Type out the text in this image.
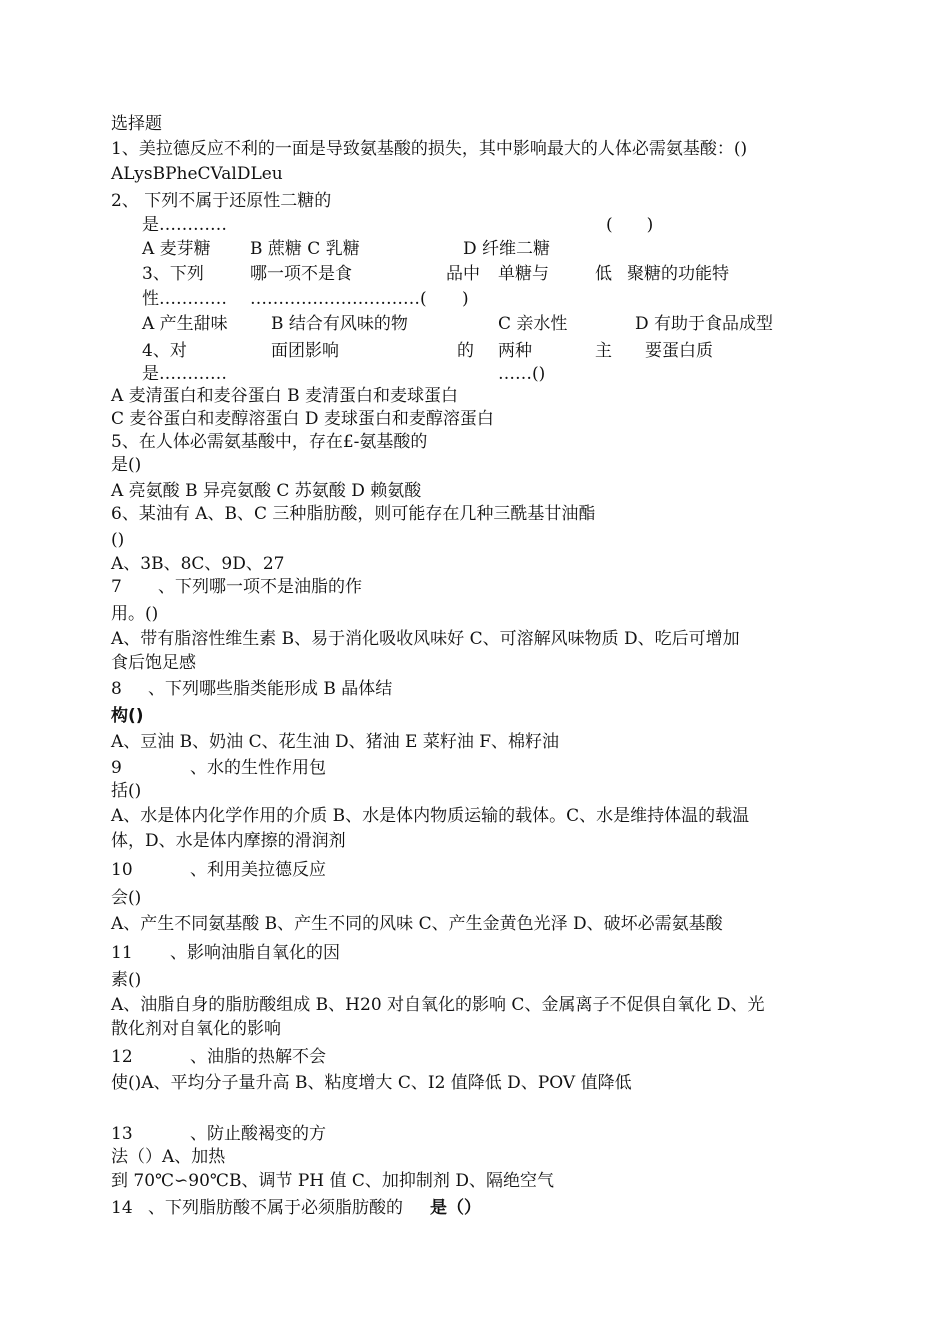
选择题
1、美拉德反应不利的一面是导致氨基酸的损失，其中影响最大的人体必需氨基酸：()
ALysBPheCValDLeu
2、 下列不属于还原性二糖的
是…………	(　　)
A 麦芽糖 B 蔗糖 C 乳糖	D 纤维二糖
3、下列	哪一项不是食	品中 单糖与	低 聚糖的功能特
性………… …………………………( )
A 产生甜味	B 结合有风味的物	C 亲水性	D 有助于食品成型
4、对	面团影响	的 两种	主 要蛋白质
是…………	……()
A 麦清蛋白和麦谷蛋白 B 麦清蛋白和麦球蛋白
C 麦谷蛋白和麦醇溶蛋白 D 麦球蛋白和麦醇溶蛋白
5、在人体必需氨基酸中，存在£-氨基酸的
是()
A 亮氨酸 B 异亮氨酸 C 苏氨酸 D 赖氨酸
6、某油有 A、B、C 三种脂肪酸，则可能存在几种三酰基甘油酯
()
A、3B、8C、9D、27
7 、下列哪一项不是油脂的作
用。()
A、带有脂溶性维生素 B、易于消化吸收风味好 C、可溶解风味物质 D、吃后可增加
食后饱足感
8 、下列哪些脂类能形成 B 晶体结
构()
A、豆油 B、奶油 C、花生油 D、猪油 E 菜籽油 F、棉籽油
9	、水的生性作用包
括()
A、水是体内化学作用的介质 B、水是体内物质运输的载体。C、水是维持体温的载温
体，D、水是体内摩擦的滑润剂
10	、利用美拉德反应
会()
A、产生不同氨基酸 B、产生不同的风味 C、产生金黄色光泽 D、破坏必需氨基酸
11 、影响油脂自氧化的因
素()
A、油脂自身的脂肪酸组成 B、H20 对自氧化的影响 C、金属离子不促俱自氧化 D、光
散化剂对自氧化的影响
12	、油脂的热解不会
使()A、平均分子量升高 B、粘度增大 C、I2 值降低 D、POV 值降低
13	、防止酸褐变的方
法（）A、加热
到 70℃∽90℃B、调节 PH 值 C、加抑制剂 D、隔绝空气
14 、下列脂肪酸不属于必须脂肪酸的 是（）
